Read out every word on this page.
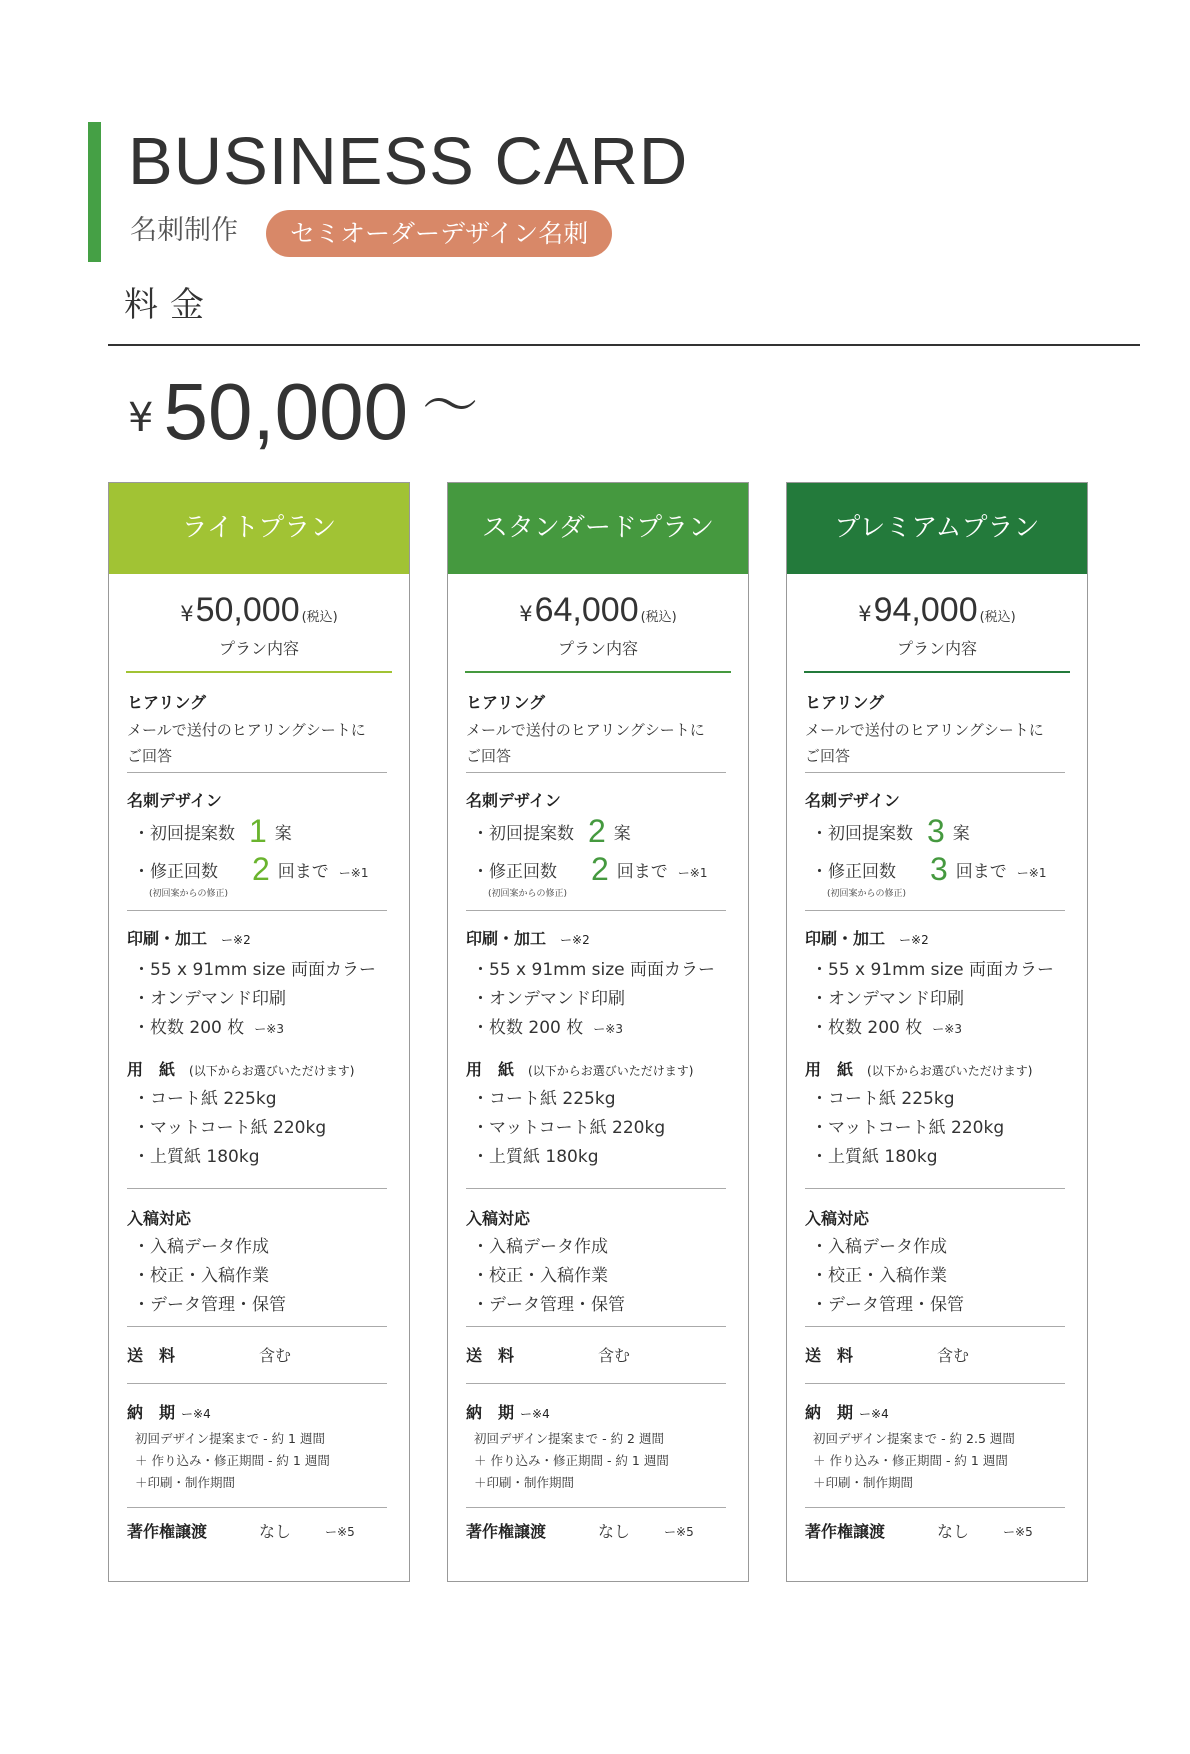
BUSINESS CARD
名刺制作	セミオーダーデザイン名刺
料金
¥ 50,000 ～
ライトプラン
¥50,000 (税込)
プラン内容
ヒアリング
メールで送付のヒアリングシートに
ご回答
名刺デザイン
・初回提案数 1 案
・修正回数 2 回まで ー※1
(初回案からの修正)
印刷・加工 ー※2
・55 x 91mm size 両面カラー
・オンデマンド印刷
・枚数 200 枚 ー※3
用　紙 (以下からお選びいただけます)
・コート紙 225kg
・マットコート紙 220kg
・上質紙 180kg
入稿対応
・入稿データ作成
・校正・入稿作業
・データ管理・保管
送　料	含む
納　期 ー※4
初回デザイン提案まで - 約 1 週間
＋ 作り込み・修正期間 - 約 1 週間
＋印刷・制作期間
著作権譲渡	なし	ー※5
スタンダードプラン
¥64,000 (税込)
プラン内容
ヒアリング
メールで送付のヒアリングシートに
ご回答
名刺デザイン
・初回提案数 2 案
・修正回数 2 回まで ー※1
(初回案からの修正)
印刷・加工 ー※2
・55 x 91mm size 両面カラー
・オンデマンド印刷
・枚数 200 枚 ー※3
用　紙 (以下からお選びいただけます)
・コート紙 225kg
・マットコート紙 220kg
・上質紙 180kg
入稿対応
・入稿データ作成
・校正・入稿作業
・データ管理・保管
送　料	含む
納　期 ー※4
初回デザイン提案まで - 約 2 週間
＋ 作り込み・修正期間 - 約 1 週間
＋印刷・制作期間
著作権譲渡	なし	ー※5
プレミアムプラン
¥94,000 (税込)
プラン内容
ヒアリング
メールで送付のヒアリングシートに
ご回答
名刺デザイン
・初回提案数 3 案
・修正回数 3 回まで ー※1
(初回案からの修正)
印刷・加工 ー※2
・55 x 91mm size 両面カラー
・オンデマンド印刷
・枚数 200 枚 ー※3
用　紙 (以下からお選びいただけます)
・コート紙 225kg
・マットコート紙 220kg
・上質紙 180kg
入稿対応
・入稿データ作成
・校正・入稿作業
・データ管理・保管
送　料	含む
納　期 ー※4
初回デザイン提案まで - 約 2.5 週間
＋ 作り込み・修正期間 - 約 1 週間
＋印刷・制作期間
著作権譲渡	なし	ー※5
